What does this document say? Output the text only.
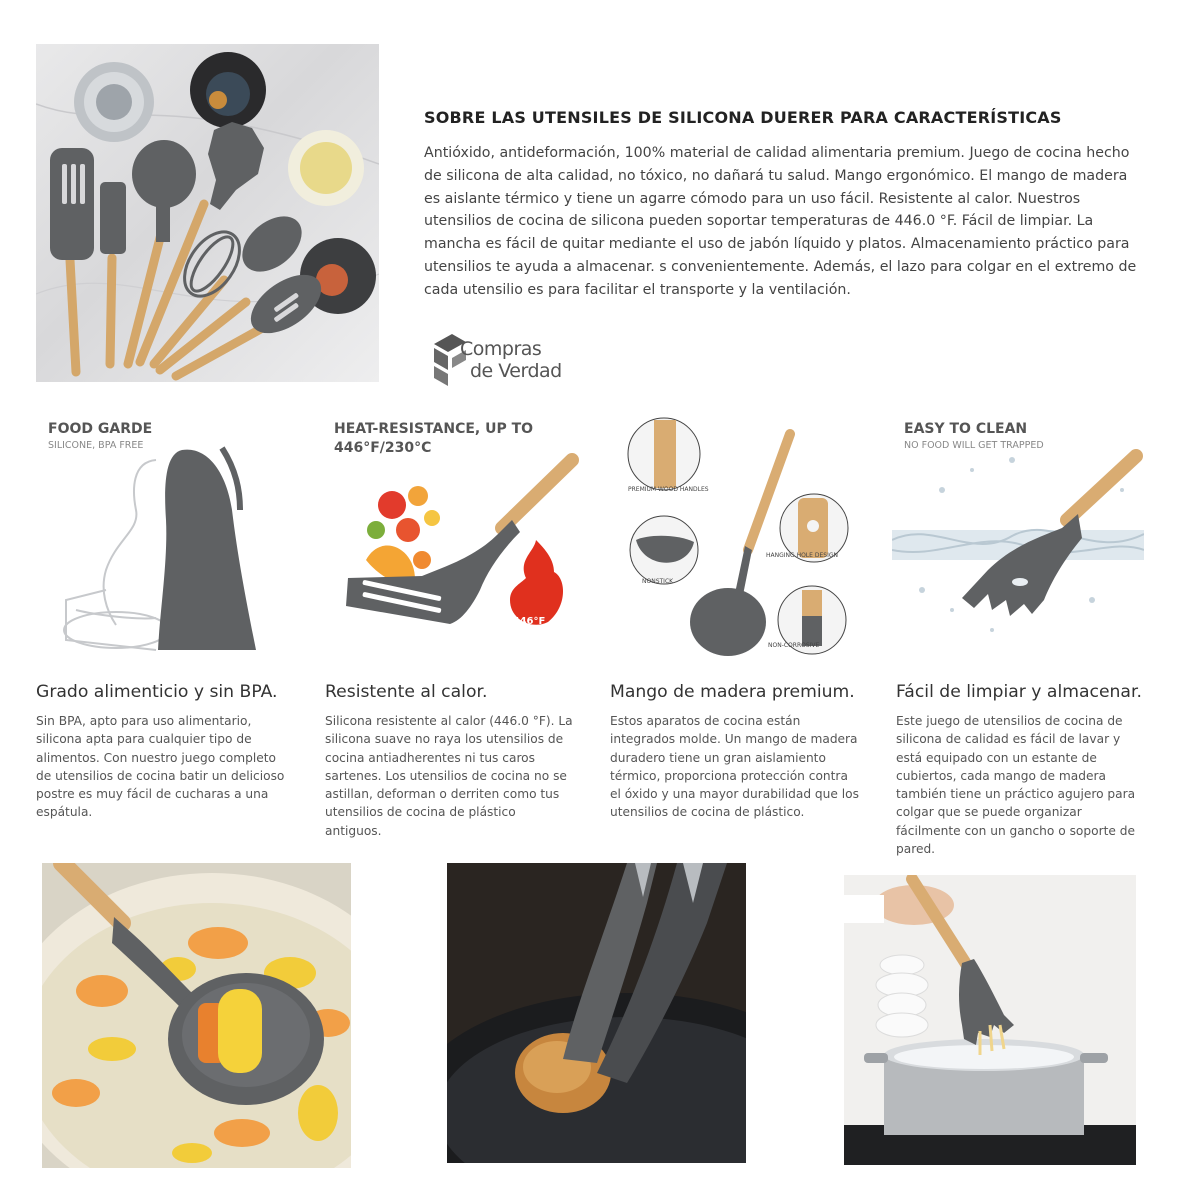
SOBRE LAS UTENSILES DE SILICONA DUERER PARA CARACTERÍSTICAS
Antióxido, antideformación, 100% material de calidad alimentaria premium. Juego de cocina hecho de silicona de alta calidad, no tóxico, no dañará tu salud. Mango ergonómico. El mango de madera es aislante térmico y tiene un agarre cómodo para un uso fácil. Resistente al calor. Nuestros utensilios de cocina de silicona pueden soportar temperaturas de 446.0 °F. Fácil de limpiar. La mancha es fácil de quitar mediante el uso de jabón líquido y platos. Almacenamiento práctico para utensilios te ayuda a almacenar. s convenientemente. Además, el lazo para colgar en el extremo de cada utensilio es para facilitar el transporte y la ventilación.
Compras
de Verdad
FOOD GARDE
SILICONE, BPA FREE
Grado alimenticio y sin BPA.
Sin BPA, apto para uso alimentario, silicona apta para cualquier tipo de alimentos. Con nuestro juego completo de utensilios de cocina batir un delicioso postre es muy fácil de cucharas a una espátula.
HEAT-RESISTANCE, UP TO 446°F/230°C
446°F
Resistente al calor.
Silicona resistente al calor (446.0 °F). La silicona suave no raya los utensilios de cocina antiadherentes ni tus caros sartenes. Los utensilios de cocina no se astillan, deforman o derriten como tus utensilios de cocina de plástico antiguos.
PREMIUM WOOD HANDLES
HANGING HOLE DESIGN
NONSTICK
NON-CORROSIVE
Mango de madera premium.
Estos aparatos de cocina están integrados molde. Un mango de madera duradero tiene un gran aislamiento térmico, proporciona protección contra el óxido y una mayor durabilidad que los utensilios de cocina de plástico.
EASY TO CLEAN
NO FOOD WILL GET TRAPPED
Fácil de limpiar y almacenar.
Este juego de utensilios de cocina de silicona de calidad es fácil de lavar y está equipado con un estante de cubiertos, cada mango de madera también tiene un práctico agujero para colgar que se puede organizar fácilmente con un gancho o soporte de pared.
